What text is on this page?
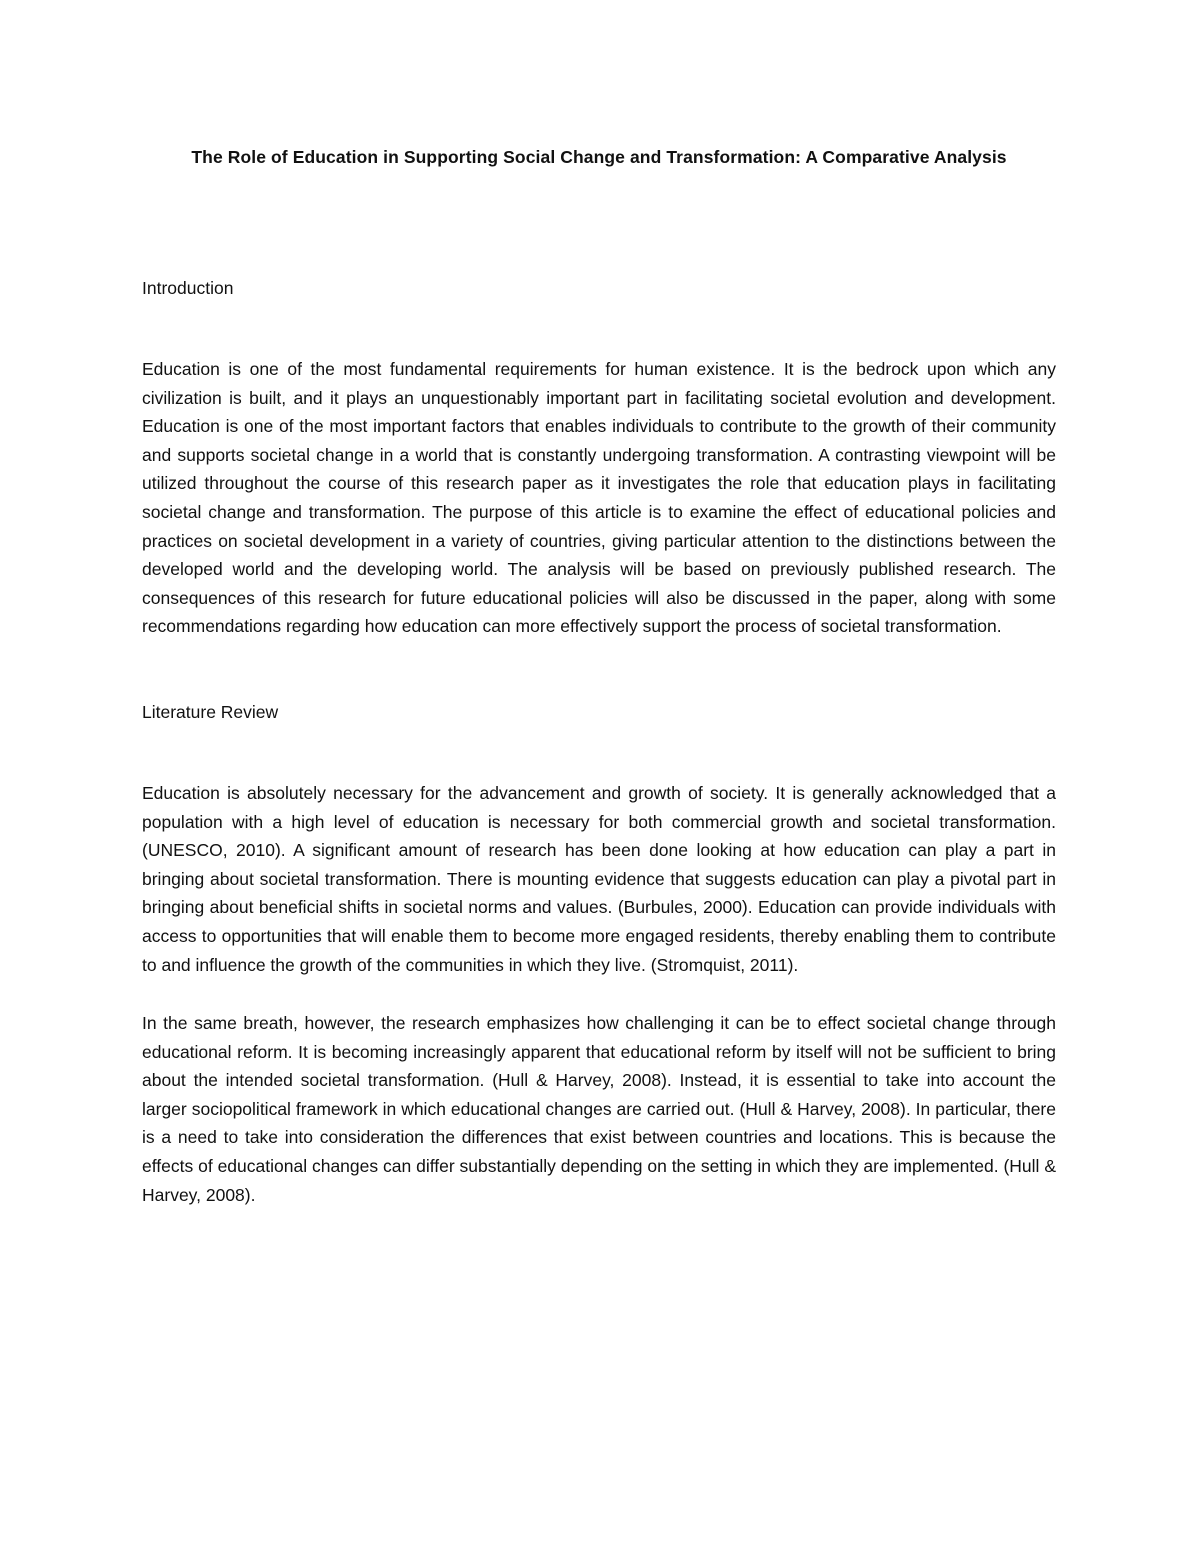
The Role of Education in Supporting Social Change and Transformation: A Comparative Analysis
Introduction

Education is one of the most fundamental requirements for human existence. It is the bedrock upon which any civilization is built, and it plays an unquestionably important part in facilitating societal evolution and development. Education is one of the most important factors that enables individuals to contribute to the growth of their community and supports societal change in a world that is constantly undergoing transformation. A contrasting viewpoint will be utilized throughout the course of this research paper as it investigates the role that education plays in facilitating societal change and transformation. The purpose of this article is to examine the effect of educational policies and practices on societal development in a variety of countries, giving particular attention to the distinctions between the developed world and the developing world. The analysis will be based on previously published research. The consequences of this research for future educational policies will also be discussed in the paper, along with some recommendations regarding how education can more effectively support the process of societal transformation.

Literature Review

Education is absolutely necessary for the advancement and growth of society. It is generally acknowledged that a population with a high level of education is necessary for both commercial growth and societal transformation. (UNESCO, 2010). A significant amount of research has been done looking at how education can play a part in bringing about societal transformation. There is mounting evidence that suggests education can play a pivotal part in bringing about beneficial shifts in societal norms and values. (Burbules, 2000). Education can provide individuals with access to opportunities that will enable them to become more engaged residents, thereby enabling them to contribute to and influence the growth of the communities in which they live. (Stromquist, 2011).

In the same breath, however, the research emphasizes how challenging it can be to effect societal change through educational reform. It is becoming increasingly apparent that educational reform by itself will not be sufficient to bring about the intended societal transformation. (Hull & Harvey, 2008). Instead, it is essential to take into account the larger sociopolitical framework in which educational changes are carried out. (Hull & Harvey, 2008). In particular, there is a need to take into consideration the differences that exist between countries and locations. This is because the effects of educational changes can differ substantially depending on the setting in which they are implemented. (Hull & Harvey, 2008).
